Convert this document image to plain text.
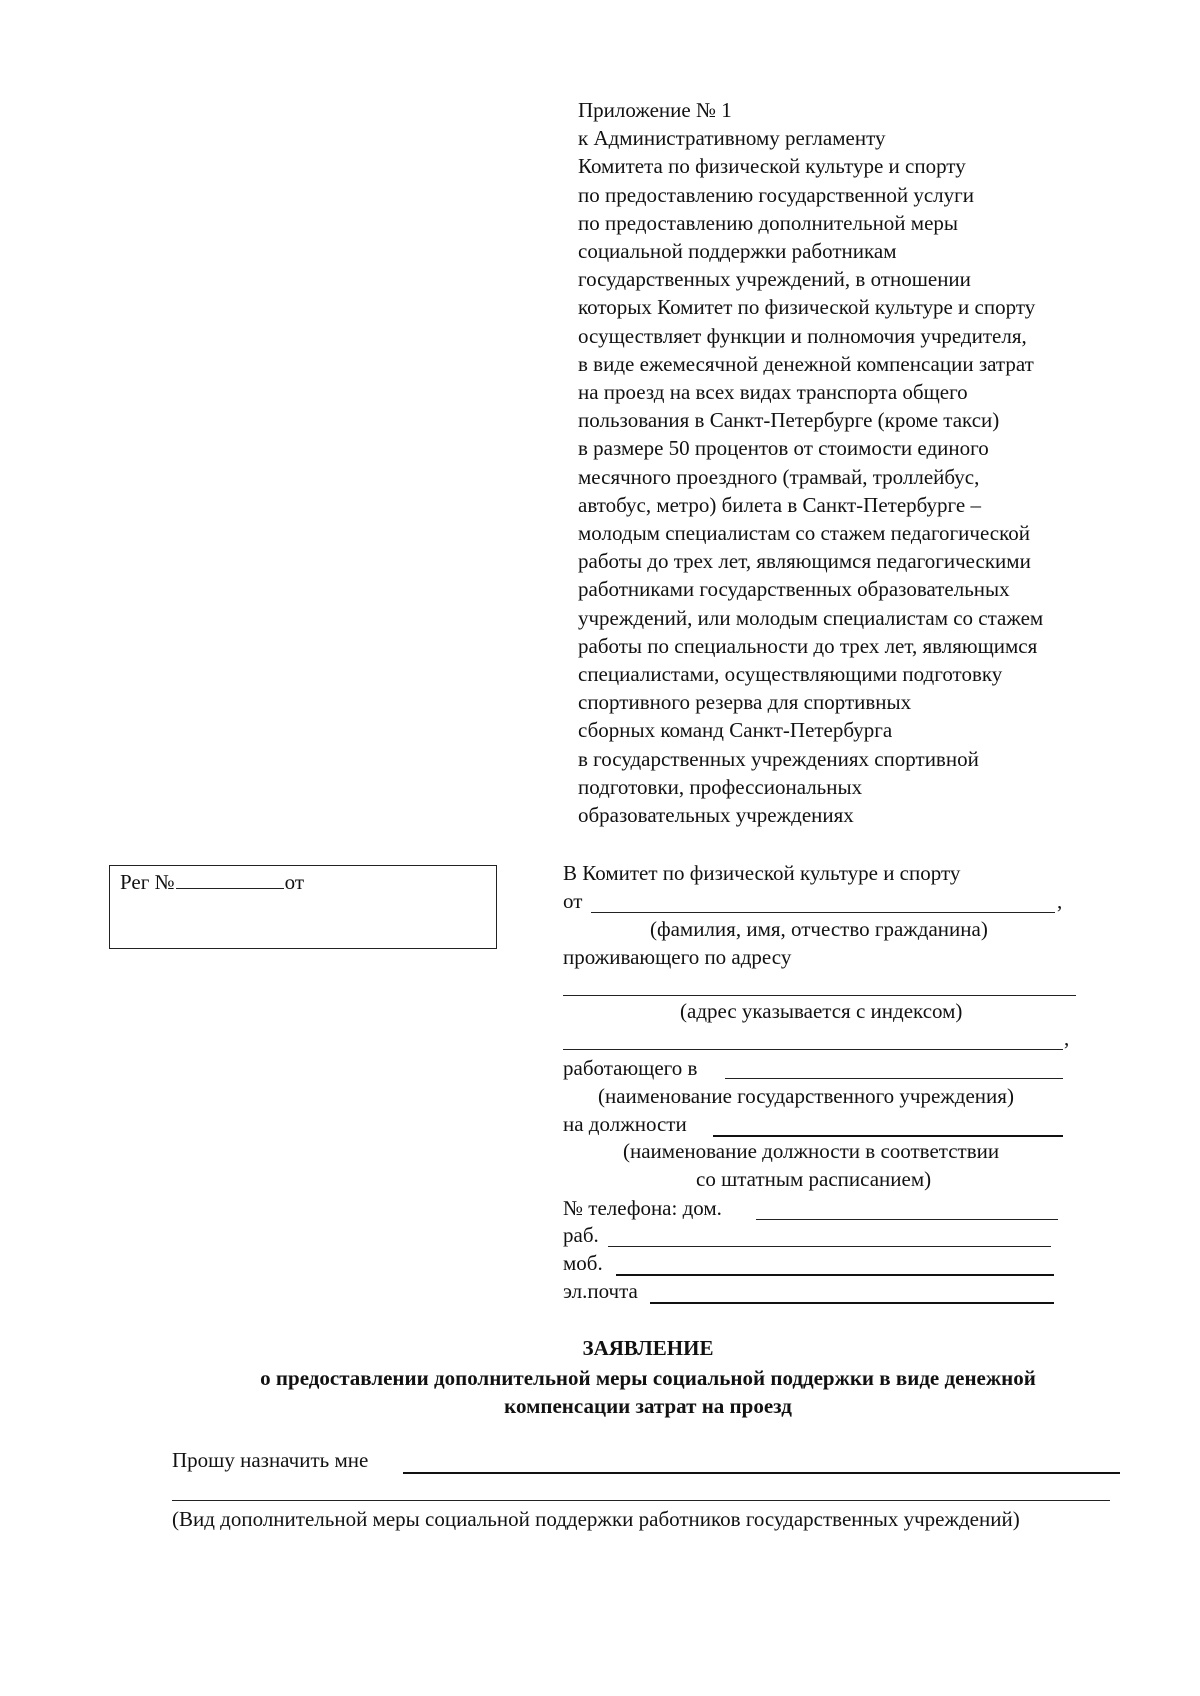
Приложение № 1
к Административному регламенту
Комитета по физической культуре и спорту
по предоставлению государственной услуги
по предоставлению дополнительной меры
социальной поддержки работникам
государственных учреждений, в отношении
которых Комитет по физической культуре и спорту
осуществляет функции и полномочия учредителя,
в виде ежемесячной денежной компенсации затрат
на проезд на всех видах транспорта общего
пользования в Санкт-Петербурге (кроме такси)
в размере 50 процентов от стоимости единого
месячного проездного (трамвай, троллейбус,
автобус, метро) билета в Санкт-Петербурге –
молодым специалистам со стажем педагогической
работы до трех лет, являющимся педагогическими
работниками государственных образовательных
учреждений, или молодым специалистам со стажем
работы по специальности до трех лет, являющимся
специалистами, осуществляющими подготовку
спортивного резерва для спортивных
сборных команд Санкт-Петербурга
в государственных учреждениях спортивной
подготовки, профессиональных
образовательных учреждениях
Рег №	от	В Комитет по физической культуре и спорту
от	,
(фамилия, имя, отчество гражданина)
проживающего по адресу
(адрес указывается с индексом)
,
работающего в
(наименование государственного учреждения)
на должности
(наименование должности в соответствии
со штатным расписанием)
№ телефона: дом.
раб.
моб.
эл.почта
ЗАЯВЛЕНИЕ
о предоставлении дополнительной меры социальной поддержки в виде денежной
компенсации затрат на проезд
Прошу назначить мне
(Вид дополнительной меры социальной поддержки работников государственных учреждений)
